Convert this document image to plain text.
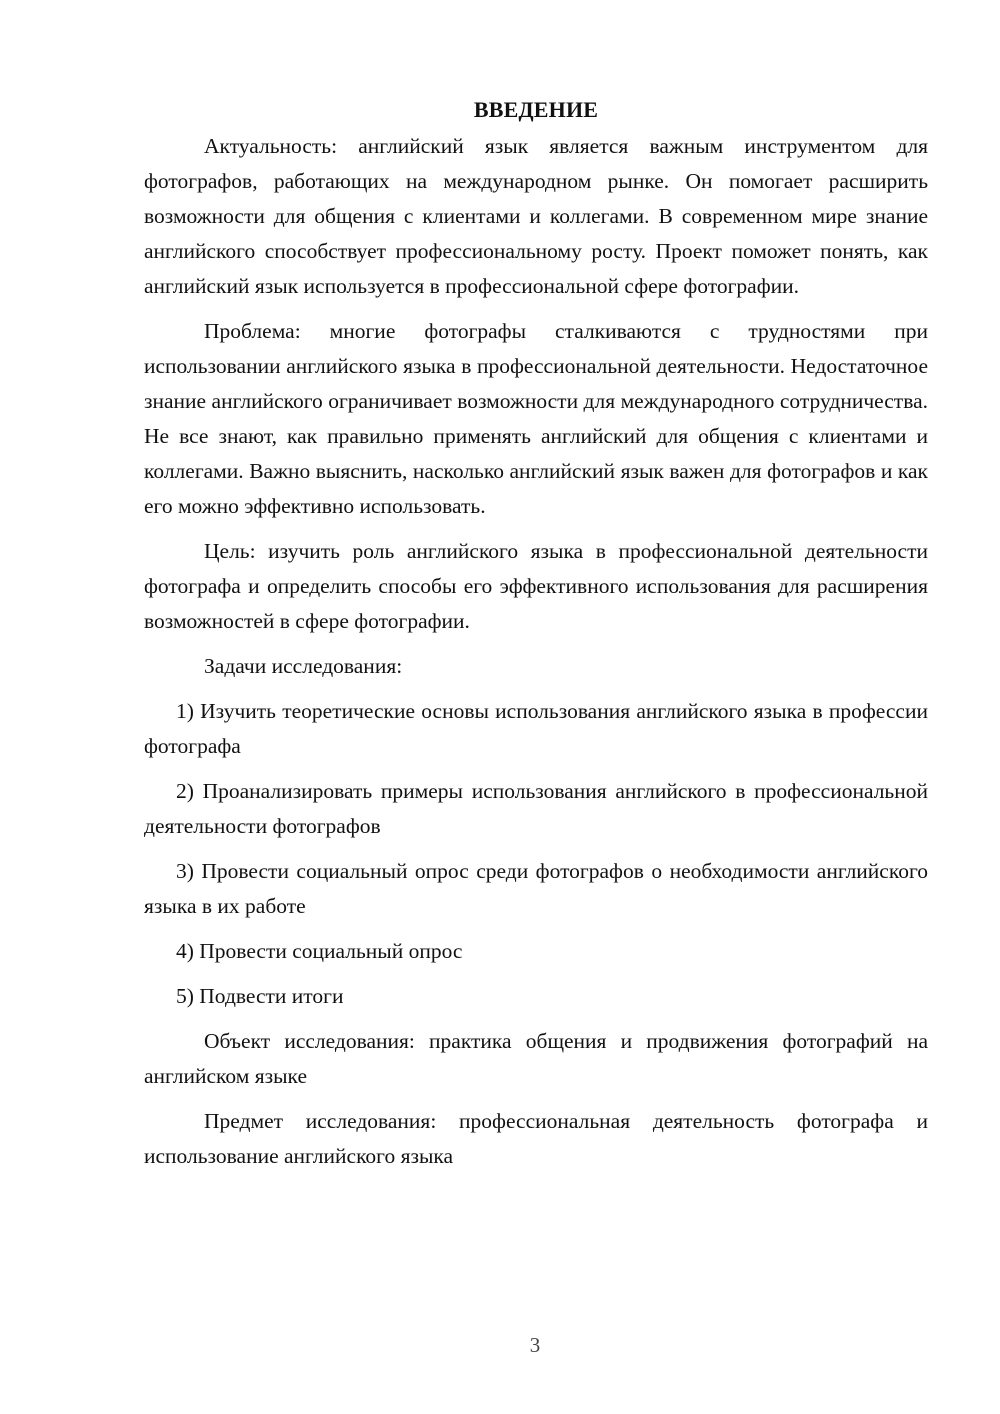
ВВЕДЕНИЕ

Актуальность: английский язык является важным инструментом для фотографов, работающих на международном рынке. Он помогает расширить возможности для общения с клиентами и коллегами. В современном мире знание английского способствует профессиональному росту. Проект поможет понять, как английский язык используется в профессиональной сфере фотографии.

Проблема: многие фотографы сталкиваются с трудностями при использовании английского языка в профессиональной деятельности. Недостаточное знание английского ограничивает возможности для международного сотрудничества. Не все знают, как правильно применять английский для общения с клиентами и коллегами. Важно выяснить, насколько английский язык важен для фотографов и как его можно эффективно использовать.

Цель: изучить роль английского языка в профессиональной деятельности фотографа и определить способы его эффективного использования для расширения возможностей в сфере фотографии.

Задачи исследования:

1) Изучить теоретические основы использования английского языка в профессии фотографа

2) Проанализировать примеры использования английского в профессиональной деятельности фотографов

3) Провести социальный опрос среди фотографов о необходимости английского языка в их работе

4) Провести социальный опрос

5) Подвести итоги

Объект исследования: практика общения и продвижения фотографий на английском языке

Предмет исследования: профессиональная деятельность фотографа и использование английского языка

3
